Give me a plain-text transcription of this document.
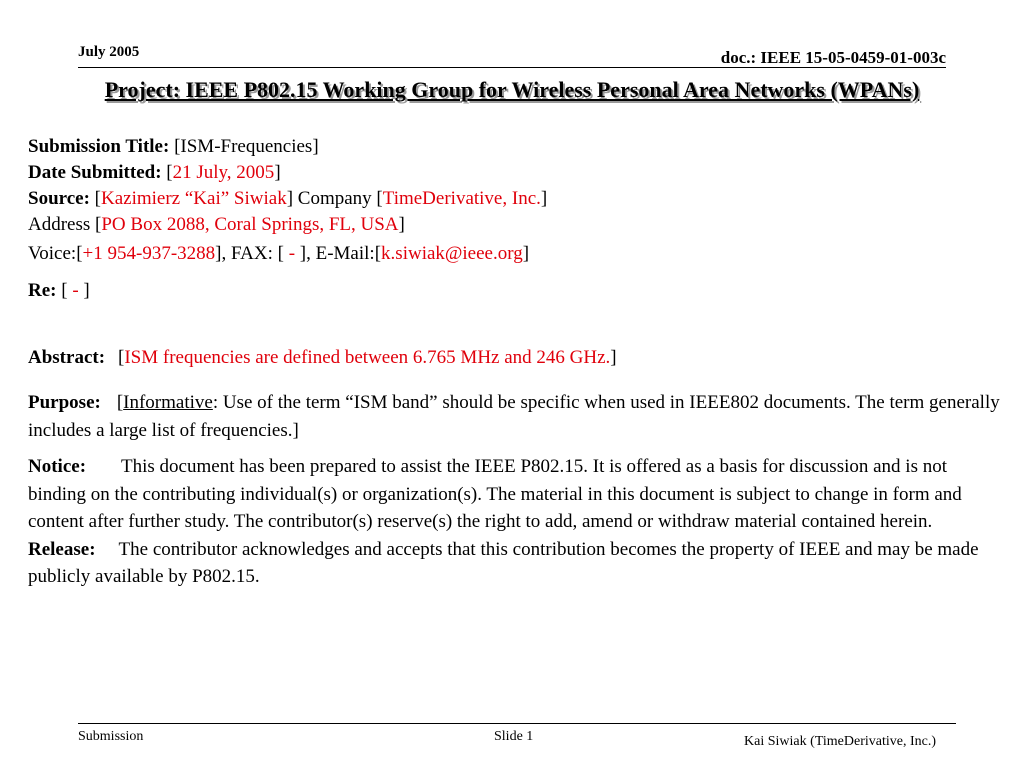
July 2005	doc.: IEEE 15-05-0459-01-003c
Project: IEEE P802.15 Working Group for Wireless Personal Area Networks (WPANs)
Submission Title: [ISM-Frequencies]
Date Submitted: [21 July, 2005]
Source: [Kazimierz “Kai” Siwiak] Company [TimeDerivative, Inc.]
Address [PO Box 2088, Coral Springs, FL, USA]
Voice:[+1 954-937-3288], FAX: [ - ], E-Mail:[k.siwiak@ieee.org]
Re: [ - ]
Abstract: [ISM frequencies are defined between 6.765 MHz and 246 GHz.]
Purpose: [Informative: Use of the term “ISM band” should be specific when used in IEEE802 documents. The term generally includes a large list of frequencies.]
Notice: This document has been prepared to assist the IEEE P802.15. It is offered as a basis for discussion and is not binding on the contributing individual(s) or organization(s). The material in this document is subject to change in form and content after further study. The contributor(s) reserve(s) the right to add, amend or withdraw material contained herein.
Release: The contributor acknowledges and accepts that this contribution becomes the property of IEEE and may be made publicly available by P802.15.
Submission	Slide 1	Kai Siwiak (TimeDerivative, Inc.)
